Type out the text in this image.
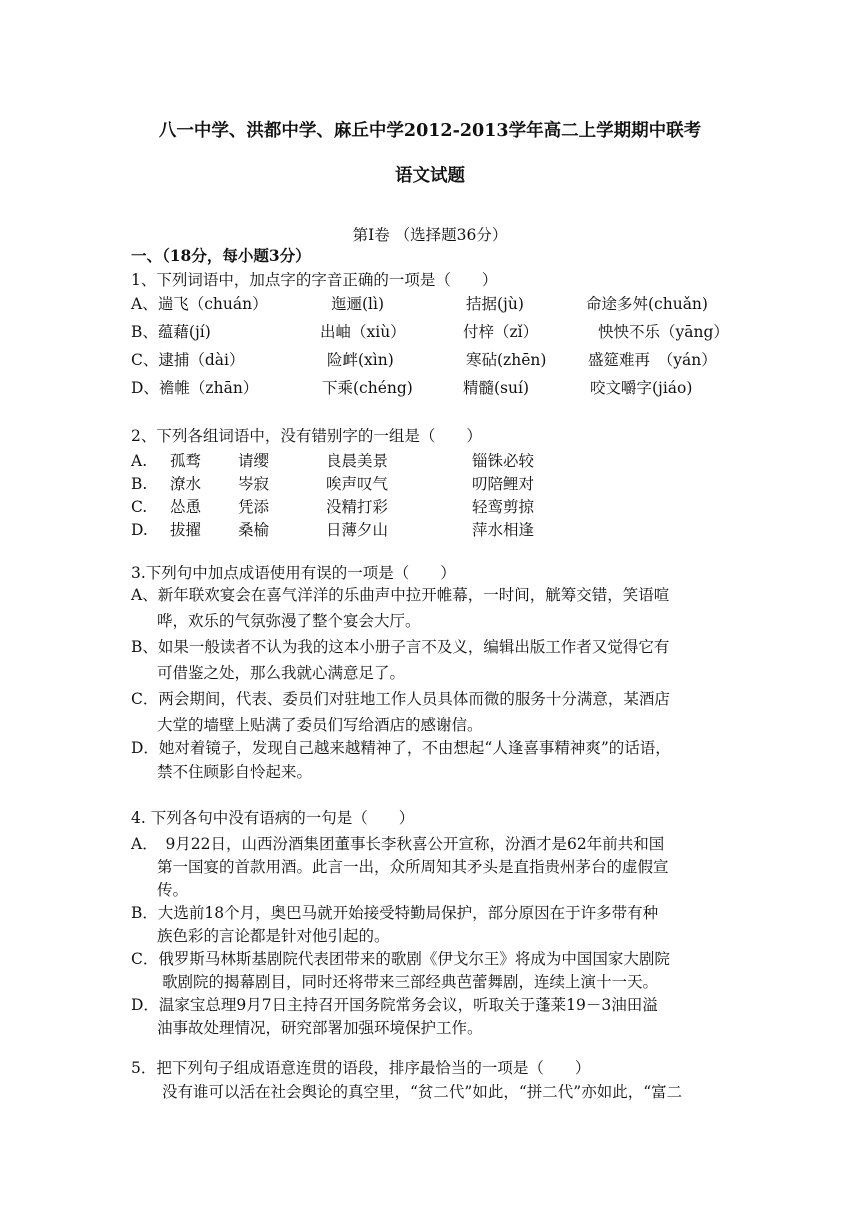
八一中学、洪都中学、麻丘中学2012-2013学年高二上学期期中联考
语文试题
第I卷 （选择题36分）
一、（18分，每小题3分）
1、下列词语中，加点字的字音正确的一项是（　　）
A、遄飞（chuán）	迤逦(lì)	拮据(jù)	命途多舛(chuǎn)
B、蕴藉(jí)	出岫（xiù）	付梓（zǐ）	怏怏不乐（yāng）
C、逮捕（dài）	险衅(xìn)	寒砧(zhēn)	盛筵难再　（yán）
D、襜帷（zhān）	下乘(chéng)	精髓(suí)	咬文嚼字(jiáo)
2、下列各组词语中，没有错别字的一组是（　　）
A. 孤骛 请缨	良晨美景	锱铢必较
B. 潦水 岑寂	唉声叹气	叨陪鲤对
C. 怂恿 凭添	没精打彩	轻鸾剪掠
D. 拔擢 桑榆	日薄夕山	萍水相逢
3.下列句中加点成语使用有误的一项是（　　）
A、新年联欢宴会在喜气洋洋的乐曲声中拉开帷幕，一时间，觥筹交错，笑语喧
哗，欢乐的气氛弥漫了整个宴会大厅。
B、如果一般读者不认为我的这本小册子言不及义，编辑出版工作者又觉得它有
可借鉴之处，那么我就心满意足了。
C．两会期间，代表、委员们对驻地工作人员具体而微的服务十分满意，某酒店
大堂的墙壁上贴满了委员们写给酒店的感谢信。
D．她对着镜子，发现自己越来越精神了，不由想起“人逢喜事精神爽”的话语，
禁不住顾影自怜起来。
4. 下列各句中没有语病的一句是（　　）
A．　9月22日，山西汾酒集团董事长李秋喜公开宣称，汾酒才是62年前共和国
第一国宴的首款用酒。此言一出，众所周知其矛头是直指贵州茅台的虚假宣
传。
B．大选前18个月，奥巴马就开始接受特勤局保护，部分原因在于许多带有种
族色彩的言论都是针对他引起的。
C．俄罗斯马林斯基剧院代表团带来的歌剧《伊戈尔王》将成为中国国家大剧院
歌剧院的揭幕剧目，同时还将带来三部经典芭蕾舞剧，连续上演十一天。
D．温家宝总理9月7日主持召开国务院常务会议，听取关于蓬莱19－3油田溢
油事故处理情况，研究部署加强环境保护工作。
5．把下列句子组成语意连贯的语段，排序最恰当的一项是（　　）
没有谁可以活在社会舆论的真空里，“贫二代”如此，“拼二代”亦如此，“富二
